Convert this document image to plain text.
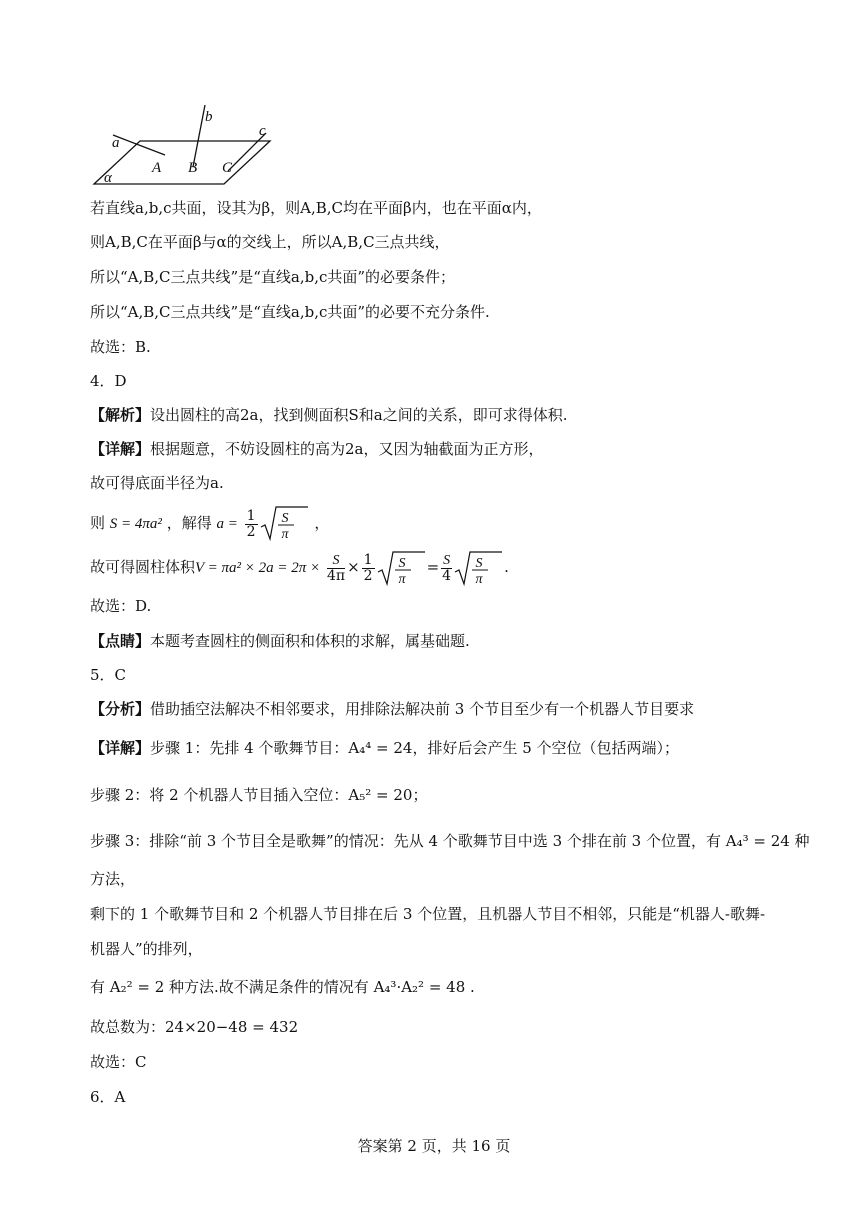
a
b
c
A B C
α
若直线a,b,c共面，设其为β，则A,B,C均在平面β内，也在平面α内，
则A,B,C在平面β与α的交线上，所以A,B,C三点共线，
所以“A,B,C三点共线”是“直线a,b,c共面”的必要条件；
所以“A,B,C三点共线”是“直线a,b,c共面”的必要不充分条件.
故选：B.
4．D
【解析】设出圆柱的高2a，找到侧面积S和a之间的关系，即可求得体积.
【详解】根据题意，不妨设圆柱的高为2a，又因为轴截面为正方形，
故可得底面半径为a.
则 S = 4πa² ，解得 $a = \frac{1}{2}$ S
π
，
故可得圆柱体积$V = \pi a^2 \times 2a = 2\pi \times \frac{S}{4\pi} \times \frac{1}{2}$ S
π
= $\frac{S}{4}$ S
π
.
故选：D.
【点睛】本题考查圆柱的侧面积和体积的求解，属基础题.
5．C
【分析】借助插空法解决不相邻要求，用排除法解决前 3 个节目至少有一个机器人节目要求
【详解】步骤 1：先排 4 个歌舞节目：A₄⁴ = 24，排好后会产生 5 个空位（包括两端）；
步骤 2：将 2 个机器人节目插入空位：A₅² = 20；
步骤 3：排除“前 3 个节目全是歌舞”的情况：先从 4 个歌舞节目中选 3 个排在前 3 个位置，有 A₄³ = 24 种
方法，
剩下的 1 个歌舞节目和 2 个机器人节目排在后 3 个位置，且机器人节目不相邻，只能是“机器人-歌舞-
机器人”的排列，
有 A₂² = 2 种方法.故不满足条件的情况有 A₄³·A₂² = 48 .
故总数为：24×20−48 = 432
故选：C
6．A
答案第 2 页，共 16 页
